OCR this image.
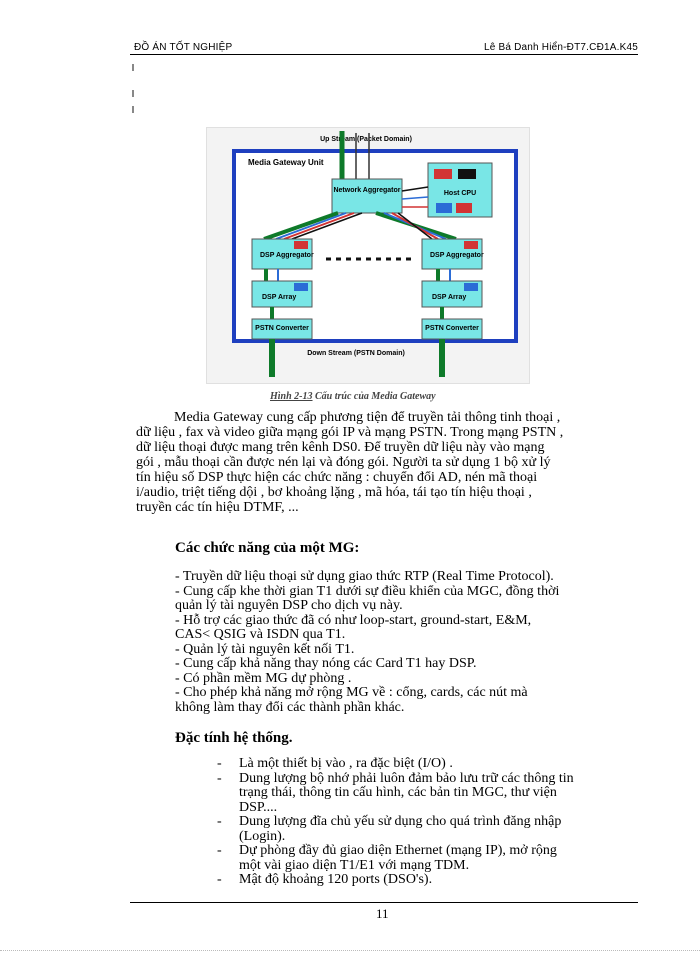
ĐỒ ÁN TỐT NGHIỆP	Lê Bá Danh Hiển-ĐT7.CĐ1A.K45
Up Stream (Packet Domain)
Media Gateway Unit
Network Aggregator	Host CPU
DSP Aggregator
DSP Array
PSTN Converter
DSP Aggregator
DSP Array
PSTN Converter
Down Stream (PSTN Domain)
Hình 2-13 Cấu trúc của Media Gateway

Media Gateway cung cấp phương tiện để truyền tải thông tinh thoại ,

dữ liệu , fax và video giữa mạng gói IP và mạng PSTN. Trong mạng PSTN ,

dữ liệu thoại được mang trên kênh DS0. Để truyền dữ liệu này vào mạng

gói , mẫu thoại cần được nén lại và đóng gói. Người ta sử dụng 1 bộ xử lý

tín hiệu số DSP thực hiện các chức năng : chuyển đổi AD, nén mã thoại

i/audio, triệt tiếng dội , bơ khoảng lặng , mã hóa, tái tạo tín hiệu thoại ,

truyền các tín hiệu DTMF, ...

Các chức năng của một MG:
- Truyền dữ liệu thoại sử dụng giao thức RTP (Real Time Protocol).
- Cung cấp khe thời gian T1 dưới sự điều khiển của MGC, đồng thời
quản lý tài nguyên DSP cho dịch vụ này.
- Hỗ trợ các giao thức đã có như loop-start, ground-start, E&M,
CAS< QSIG và ISDN qua T1.
- Quản lý tài nguyên kết nối T1.
- Cung cấp khả năng thay nóng các Card T1 hay DSP.
- Có phần mềm MG dự phòng .
- Cho phép khả năng mở rộng MG về : cổng, cards, các nút mà
không làm thay đổi các thành phần khác.
Đặc tính hệ thống.
- Là một thiết bị vào , ra đặc biệt (I/O) .
- Dung lượng bộ nhớ phải luôn đảm bảo lưu trữ các thông tin
trạng thái, thông tin cấu hình, các bản tin MGC, thư viện
DSP....
- Dung lượng đĩa chủ yếu sử dụng cho quá trình đăng nhập
(Login).
- Dự phòng đầy đủ giao diện Ethernet (mạng IP), mở rộng
một vài giao diện T1/E1 với mạng TDM.
- Mật độ khoảng 120 ports (DSO's).
11
